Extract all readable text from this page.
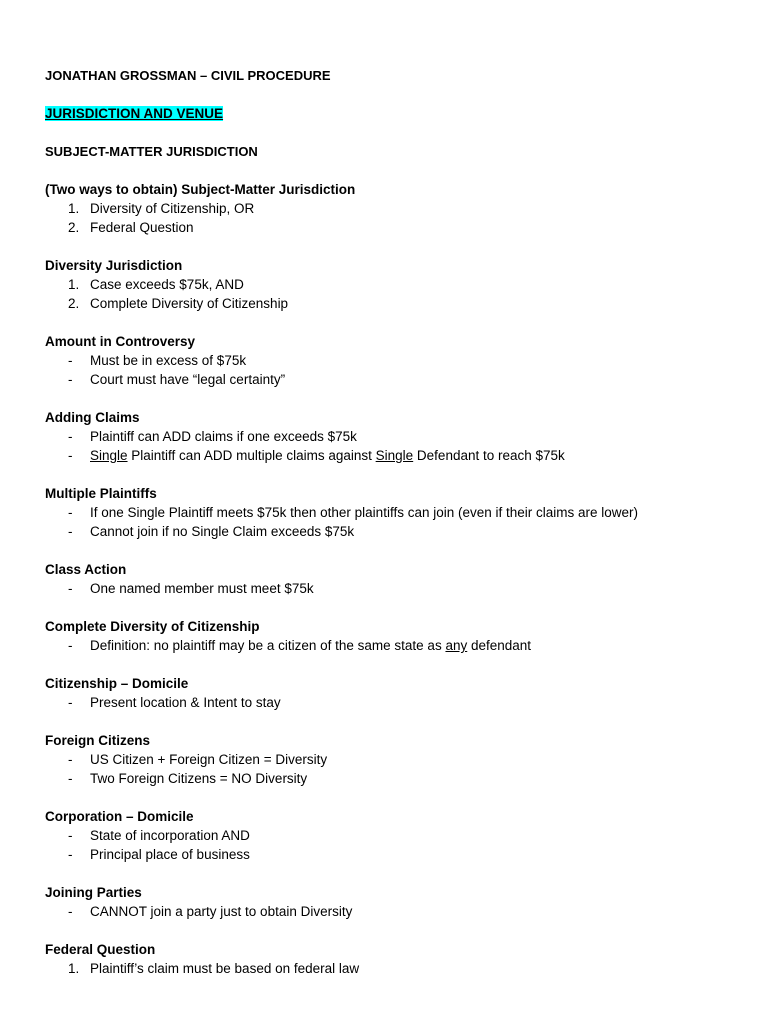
JONATHAN GROSSMAN – CIVIL PROCEDURE
JURISDICTION AND VENUE
SUBJECT-MATTER JURISDICTION
(Two ways to obtain) Subject-Matter Jurisdiction
1. Diversity of Citizenship, OR
2. Federal Question
Diversity Jurisdiction
1. Case exceeds $75k, AND
2. Complete Diversity of Citizenship
Amount in Controversy
- Must be in excess of $75k
- Court must have “legal certainty”
Adding Claims
- Plaintiff can ADD claims if one exceeds $75k
- Single Plaintiff can ADD multiple claims against Single Defendant to reach $75k
Multiple Plaintiffs
- If one Single Plaintiff meets $75k then other plaintiffs can join (even if their claims are lower)
- Cannot join if no Single Claim exceeds $75k
Class Action
- One named member must meet $75k
Complete Diversity of Citizenship
- Definition: no plaintiff may be a citizen of the same state as any defendant
Citizenship – Domicile
- Present location & Intent to stay
Foreign Citizens
- US Citizen + Foreign Citizen = Diversity
- Two Foreign Citizens = NO Diversity
Corporation – Domicile
- State of incorporation AND
- Principal place of business
Joining Parties
- CANNOT join a party just to obtain Diversity
Federal Question
1. Plaintiff’s claim must be based on federal law
